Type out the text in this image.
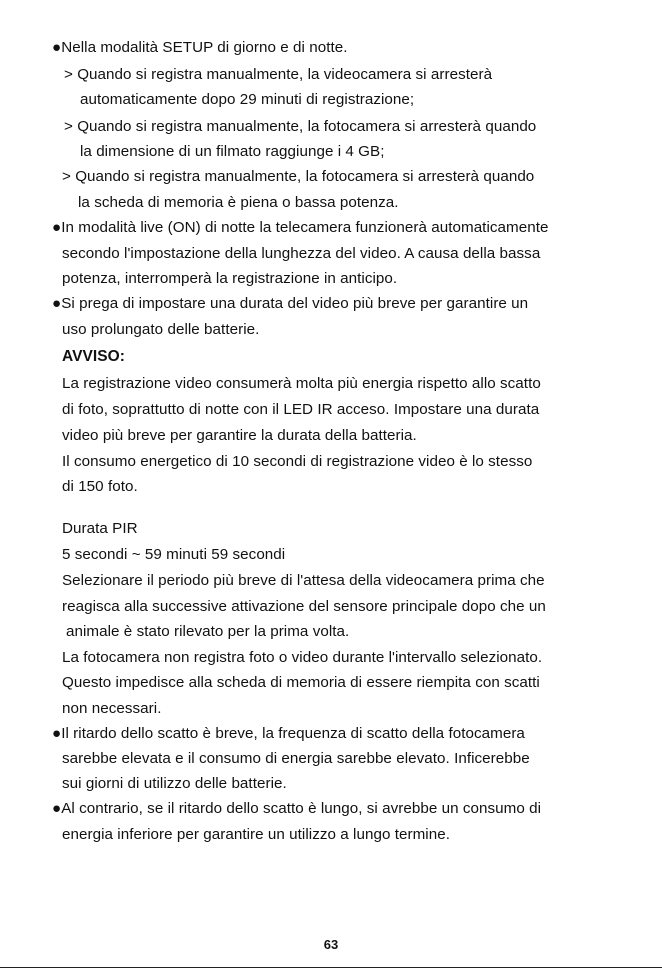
●Nella modalità SETUP di giorno e di notte.
> Quando si registra manualmente, la videocamera si arresterà
automaticamente dopo 29 minuti di registrazione;
> Quando si registra manualmente, la fotocamera si arresterà quando
la dimensione di un filmato raggiunge i 4 GB;
> Quando si registra manualmente, la fotocamera si arresterà quando
la scheda di memoria è piena o bassa potenza.
●In modalità live (ON) di notte la telecamera funzionerà automaticamente
secondo l'impostazione della lunghezza del video. A causa della bassa
potenza, interromperà la registrazione in anticipo.
●Si prega di impostare una durata del video più breve per garantire un
uso prolungato delle batterie.
AVVISO:
La registrazione video consumerà molta più energia rispetto allo scatto
di foto, soprattutto di notte con il LED IR acceso. Impostare una durata
video più breve per garantire la durata della batteria.
Il consumo energetico di 10 secondi di registrazione video è lo stesso
di 150 foto.
Durata PIR
5 secondi ~ 59 minuti 59 secondi
Selezionare il periodo più breve di l'attesa della videocamera prima che
reagisca alla successive attivazione del sensore principale dopo che un
animale è stato rilevato per la prima volta.
La fotocamera non registra foto o video durante l'intervallo selezionato.
Questo impedisce alla scheda di memoria di essere riempita con scatti
non necessari.
●Il ritardo dello scatto è breve, la frequenza di scatto della fotocamera
sarebbe elevata e il consumo di energia sarebbe elevato. Inficerebbe
sui giorni di utilizzo delle batterie.
●Al contrario, se il ritardo dello scatto è lungo, si avrebbe un consumo di
energia inferiore per garantire un utilizzo a lungo termine.
63
